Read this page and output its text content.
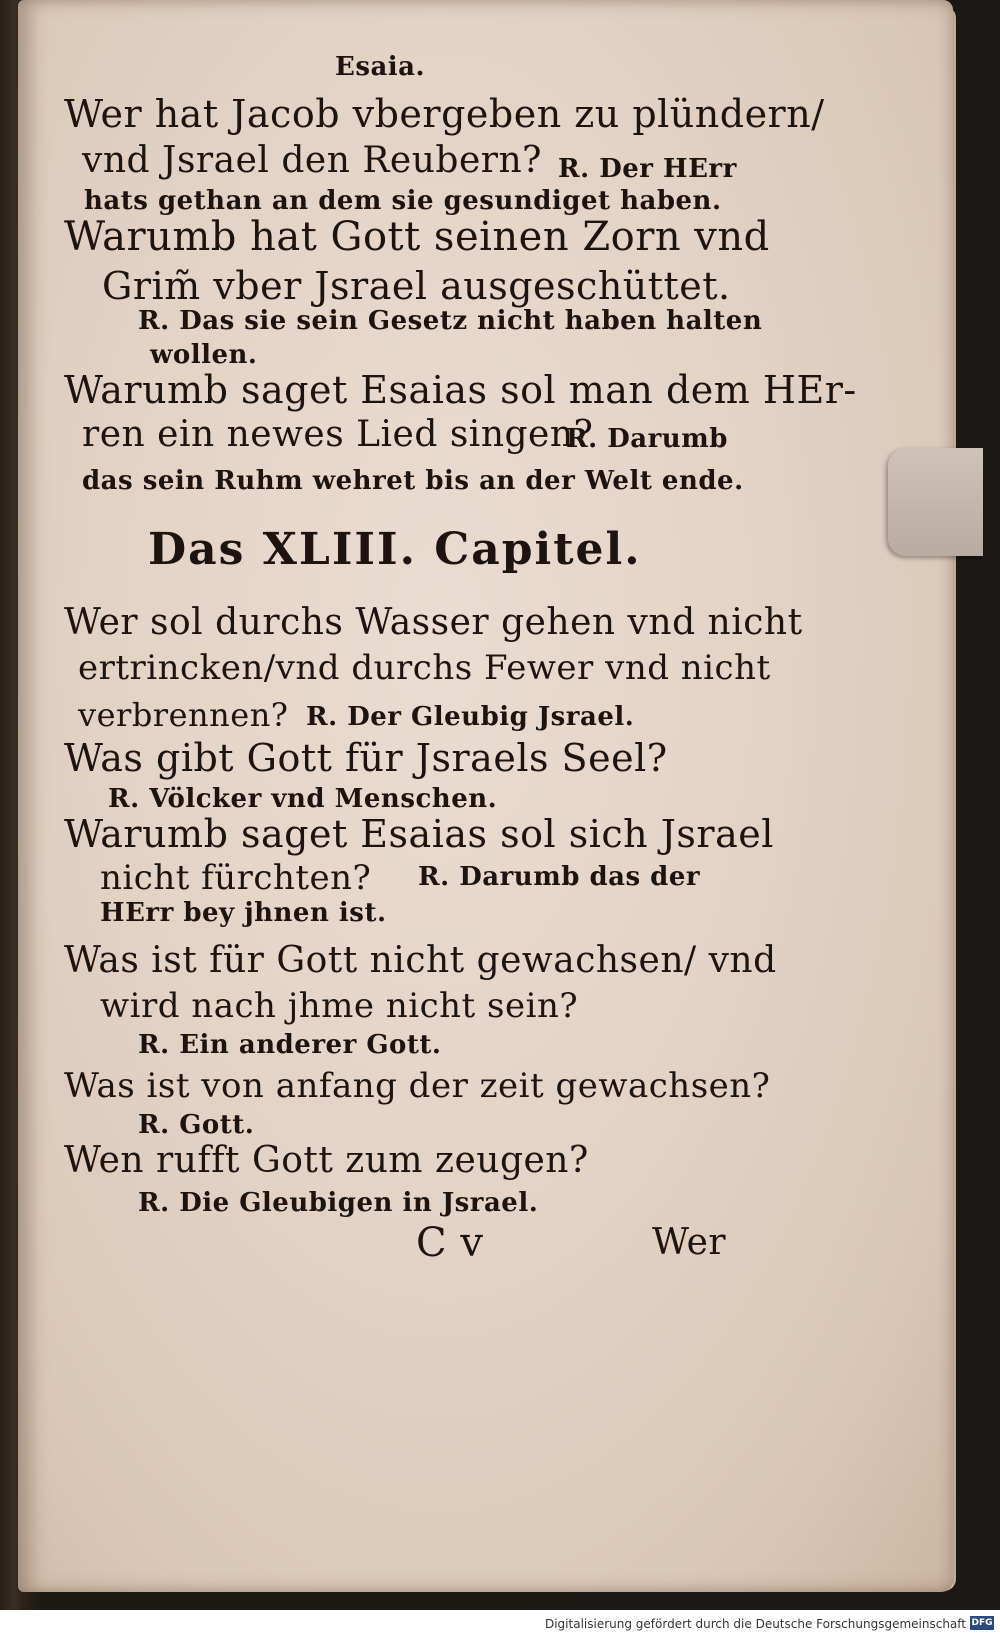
Esaia.
Wer hat Jacob vbergeben zu plündern/
vnd Jsrael den Reubern? R. Der HErr
hats gethan an dem sie gesundiget haben.
Warumb hat Gott seinen Zorn vnd
Grim̃ vber Jsrael ausgeschüttet.
R. Das sie sein Gesetz nicht haben halten
wollen.
Warumb saget Esaias sol man dem HEr-
ren ein newes Lied singen?
R. Darumb
das sein Ruhm wehret bis an der Welt ende.
Das XLIII. Capitel.
Wer sol durchs Wasser gehen vnd nicht
ertrincken/vnd durchs Fewer vnd nicht
verbrennen? R. Der Gleubig Jsrael.
Was gibt Gott für Jsraels Seel?
R. Völcker vnd Menschen.
Warumb saget Esaias sol sich Jsrael
nicht fürchten? R. Darumb das der
HErr bey jhnen ist.
Was ist für Gott nicht gewachsen/ vnd
wird nach jhme nicht sein?
R. Ein anderer Gott.
Was ist von anfang der zeit gewachsen?
R. Gott.
Wen rufft Gott zum zeugen?
R. Die Gleubigen in Jsrael.
C v	Wer
Digitalisierung gefördert durch die Deutsche Forschungsgemeinschaft DFG
